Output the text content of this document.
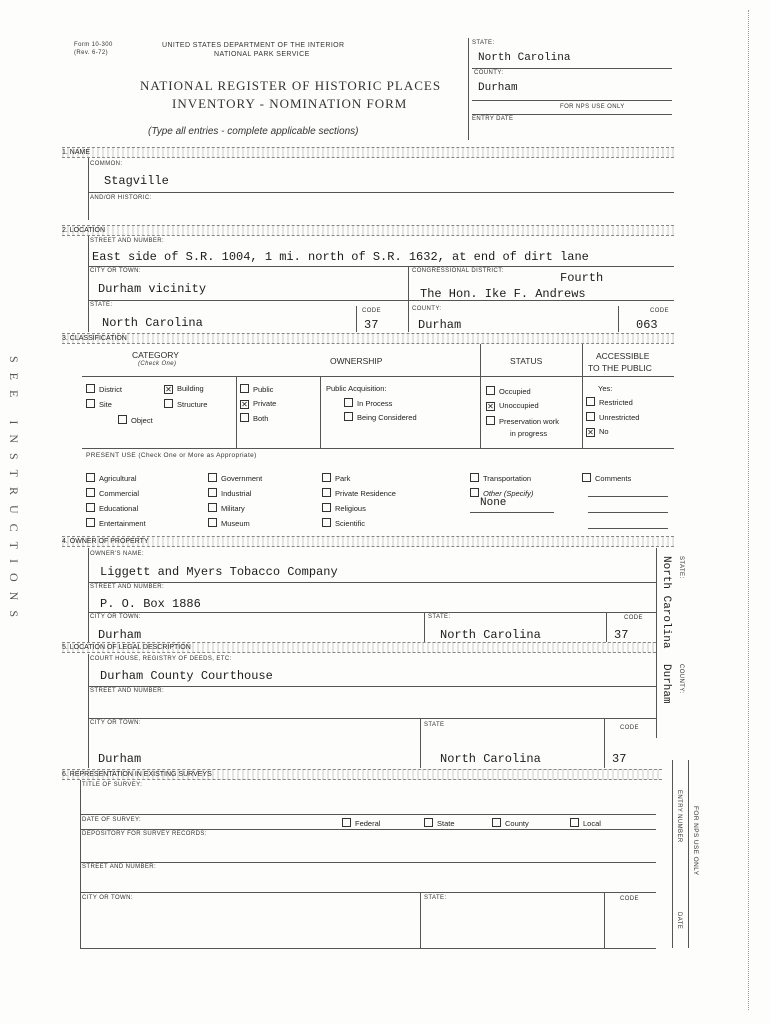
Form 10-300
(Rev. 6-72)
UNITED STATES DEPARTMENT OF THE INTERIOR
NATIONAL PARK SERVICE
NATIONAL REGISTER OF HISTORIC PLACES
INVENTORY - NOMINATION FORM
(Type all entries - complete applicable sections)
STATE:
North Carolina
COUNTY:
Durham
FOR NPS USE ONLY
ENTRY DATE
SEE INSTRUCTIONS
1. NAME
COMMON:
Stagville
AND/OR HISTORIC:
2. LOCATION
STREET AND NUMBER:
East side of S.R. 1004, 1 mi. north of S.R. 1632, at end of dirt lane
CITY OR TOWN:
Durham vicinity
CONGRESSIONAL DISTRICT:	Fourth
The Hon. Ike F. Andrews
STATE:
North Carolina
CODE
37
COUNTY:
Durham
CODE
063
3. CLASSIFICATION
CATEGORY
(Check One)	OWNERSHIP	STATUS	ACCESSIBLE
TO THE PUBLIC
District	✕ Building
Site	Structure
Object
Public
✕ Private
Both
Public Acquisition:
In Process
Being Considered
Occupied
✕ Unoccupied
Preservation work
in progress
Yes:
Restricted
Unrestricted
✕ No
PRESENT USE (Check One or More as Appropriate)
Agricultural	Government	Park	Transportation	Comments
Commercial	Industrial	Private Residence	Other (Specify)
None
Educational	Military	Religious
Entertainment	Museum	Scientific
4. OWNER OF PROPERTY
OWNER'S NAME:
Liggett and Myers Tobacco Company
STREET AND NUMBER:
P. O. Box 1886
CITY OR TOWN:
Durham
STATE:
North Carolina
CODE
37
STATE:
North Carolina
5. LOCATION OF LEGAL DESCRIPTION
COURT HOUSE, REGISTRY OF DEEDS, ETC:
Durham County Courthouse
STREET AND NUMBER:
CITY OR TOWN:
Durham
STATE
North Carolina
CODE
37
COUNTY:
Durham
6. REPRESENTATION IN EXISTING SURVEYS
TITLE OF SURVEY:
DATE OF SURVEY:	Federal	State	County	Local
DEPOSITORY FOR SURVEY RECORDS:
STREET AND NUMBER:
CITY OR TOWN:	STATE:	CODE
FOR NPS USE ONLY
ENTRY NUMBER
DATE
